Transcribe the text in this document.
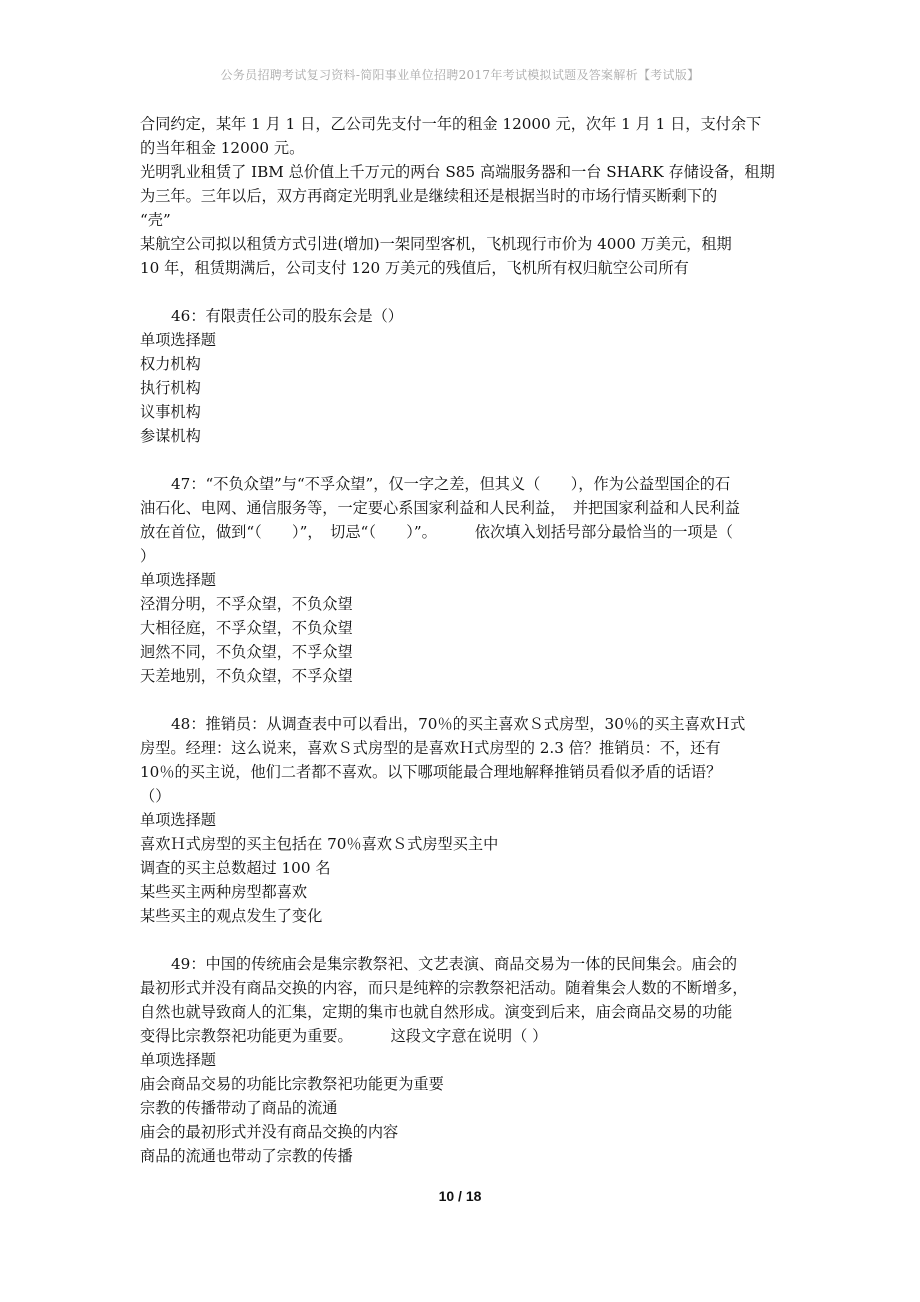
公务员招聘考试复习资料-简阳事业单位招聘2017年考试模拟试题及答案解析【考试版】
合同约定，某年 1 月 1 日，乙公司先支付一年的租金 12000 元，次年 1 月 1 日，支付余下
的当年租金 12000 元。
光明乳业租赁了 IBM 总价值上千万元的两台 S85 高端服务器和一台 SHARK 存储设备，租期
为三年。三年以后，双方再商定光明乳业是继续租还是根据当时的市场行情买断剩下的
“壳”
某航空公司拟以租赁方式引进(增加)一架同型客机，飞机现行市价为 4000 万美元，租期
10 年，租赁期满后，公司支付 120 万美元的残值后，飞机所有权归航空公司所有
46：有限责任公司的股东会是（）
单项选择题
权力机构
执行机构
议事机构
参谋机构
47：“不负众望”与“不孚众望”，仅一字之差，但其义（　　），作为公益型国企的石
油石化、电网、通信服务等，一定要心系国家利益和人民利益，　并把国家利益和人民利益
放在首位，做到“（　　）”，　切忌“（　　）”。　　　依次填入划括号部分最恰当的一项是（
）
单项选择题
泾渭分明，不孚众望，不负众望
大相径庭，不孚众望，不负众望
迥然不同，不负众望，不孚众望
天差地别，不负众望，不孚众望
48：推销员：从调查表中可以看出，70％的买主喜欢Ｓ式房型，30％的买主喜欢Ｈ式
房型。经理：这么说来，喜欢Ｓ式房型的是喜欢Ｈ式房型的 2.3 倍？推销员：不，还有
10％的买主说，他们二者都不喜欢。以下哪项能最合理地解释推销员看似矛盾的话语？
（）
单项选择题
喜欢Ｈ式房型的买主包括在 70％喜欢Ｓ式房型买主中
调查的买主总数超过 100 名
某些买主两种房型都喜欢
某些买主的观点发生了变化
49：中国的传统庙会是集宗教祭祀、文艺表演、商品交易为一体的民间集会。庙会的
最初形式并没有商品交换的内容，而只是纯粹的宗教祭祀活动。随着集会人数的不断增多，
自然也就导致商人的汇集，定期的集市也就自然形成。演变到后来，庙会商品交易的功能
变得比宗教祭祀功能更为重要。　　　这段文字意在说明（ ）
单项选择题
庙会商品交易的功能比宗教祭祀功能更为重要
宗教的传播带动了商品的流通
庙会的最初形式并没有商品交换的内容
商品的流通也带动了宗教的传播
10 / 18
